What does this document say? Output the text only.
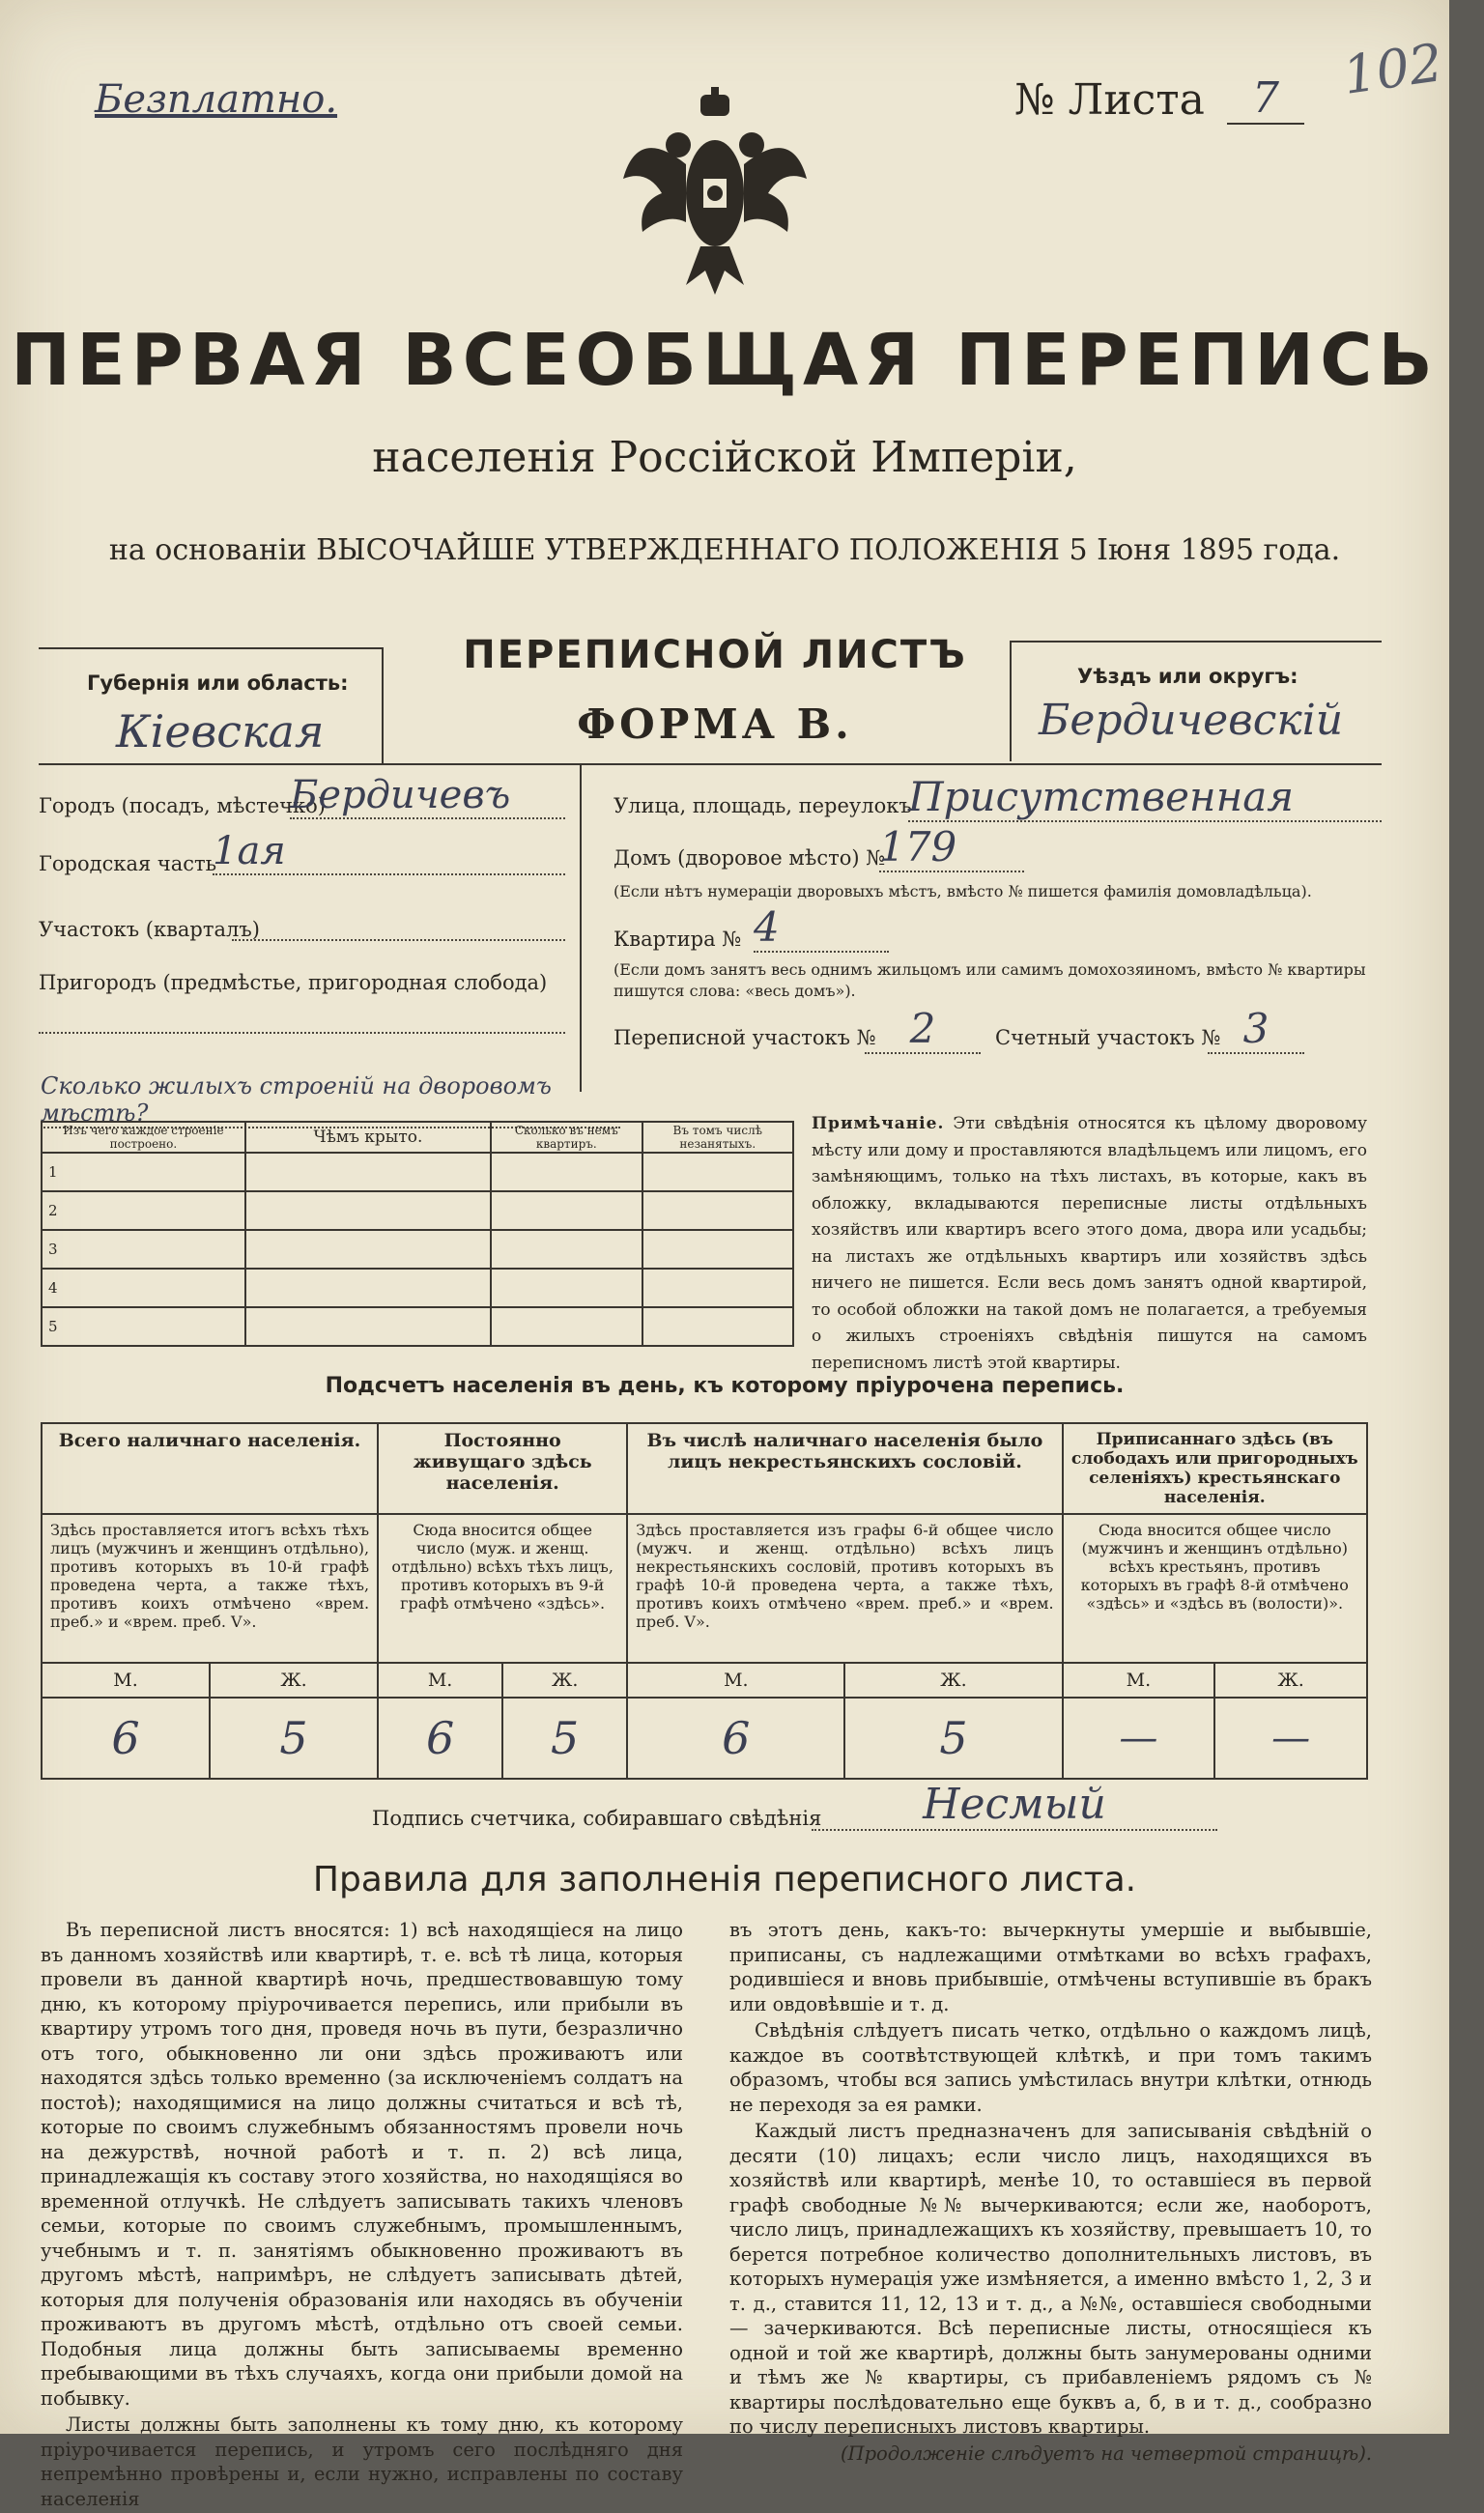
Безплатно.	№ Листа	7	102
ПЕРВАЯ ВСЕОБЩАЯ ПЕРЕПИСЬ
населенія Россійской Имперіи,
на основаніи ВЫСОЧАЙШЕ УТВЕРЖДЕННАГО ПОЛОЖЕНІЯ 5 Іюня 1895 года.
Губернія или область:
Кіевская
ПЕРЕПИСНОЙ ЛИСТЪ
ФОРМА В.
Уѣздъ или округъ:
Бердичевскій
Городъ (посадъ, мѣстечко)
Бердичевъ
Городская часть
1ая
Участокъ (кварталъ)
Пригородъ (предмѣстье, пригородная слобода)
Улица, площадь, переулокъ
Присутственная
Домъ (дворовое мѣсто) №
179
(Если нѣтъ нумераціи дворовыхъ мѣстъ, вмѣсто № пишется фамилія домовладѣльца).
Квартира № 4
(Если домъ занятъ весь однимъ жильцомъ или самимъ домохозяиномъ, вмѣсто № квартиры пишутся слова: «весь домъ»).
Переписной участокъ № 2	Счетный участокъ № 3
Сколько жилыхъ строеній на дворовомъ мѣстѣ?
Изъ чего каждое строеніе построено.	Чѣмъ крыто.	Сколько въ немъ квартиръ.	Въ томъ числѣ незанятыхъ.
1			
2			
3			
4			
5			
Примѣчаніе. Эти свѣдѣнія относятся къ цѣлому дворовому мѣсту или дому и проставляются владѣльцемъ или лицомъ, его замѣняющимъ, только на тѣхъ листахъ, въ которые, какъ въ обложку, вкладываются переписные листы отдѣльныхъ хозяйствъ или квартиръ всего этого дома, двора или усадьбы; на листахъ же отдѣльныхъ квартиръ или хозяйствъ здѣсь ничего не пишется. Если весь домъ занятъ одной квартирой, то особой обложки на такой домъ не полагается, а требуемыя о жилыхъ строеніяхъ свѣдѣнія пишутся на самомъ переписномъ листѣ этой квартиры.
Подсчетъ населенія въ день, къ которому пріурочена перепись.
Всего наличнаго населенія.		Постоянно живущаго здѣсь населенія.		Въ числѣ наличнаго населенія было лицъ некрестьянскихъ сословій.		Приписаннаго здѣсь (въ слободахъ или пригородныхъ селеніяхъ) крестьянскаго населенія.	
Здѣсь проставляется итогъ всѣхъ тѣхъ лицъ (мужчинъ и женщинъ отдѣльно), противъ которыхъ въ 10-й графѣ проведена черта, а также тѣхъ, противъ коихъ отмѣчено «врем. преб.» и «врем. преб. V».		Сюда вносится общее число (муж. и женщ. отдѣльно) всѣхъ тѣхъ лицъ, противъ которыхъ въ 9-й графѣ отмѣчено «здѣсь».		Здѣсь проставляется изъ графы 6-й общее число (мужч. и женщ. отдѣльно) всѣхъ лицъ некрестьянскихъ сословій, противъ которыхъ въ графѣ 10-й проведена черта, а также тѣхъ, противъ коихъ отмѣчено «врем. преб.» и «врем. преб. V».		Сюда вносится общее число (мужчинъ и женщинъ отдѣльно) всѣхъ крестьянъ, противъ которыхъ въ графѣ 8-й отмѣчено «здѣсь» и «здѣсь въ (волости)».	
М.	Ж.	М.	Ж.	М.	Ж.	М.	Ж.
6	5	6	5	6	5	—	—
Подпись счетчика, собиравшаго свѣдѣнія	Несмый
Правила для заполненія переписного листа.

Въ переписной листъ вносятся: 1) всѣ находящіеся на лицо въ данномъ хозяйствѣ или квартирѣ, т. е. всѣ тѣ лица, которыя провели въ данной квартирѣ ночь, предшествовавшую тому дню, къ которому пріурочивается перепись, или прибыли въ квартиру утромъ того дня, проведя ночь въ пути, безразлично отъ того, обыкновенно ли они здѣсь проживаютъ или находятся здѣсь только временно (за исключеніемъ солдатъ на постоѣ); находящимися на лицо должны считаться и всѣ тѣ, которые по своимъ служебнымъ обязанностямъ провели ночь на дежурствѣ, ночной работѣ и т. п. 2) всѣ лица, принадлежащія къ составу этого хозяйства, но находящіяся во временной отлучкѣ. Не слѣдуетъ записывать такихъ членовъ семьи, которые по своимъ служебнымъ, промышленнымъ, учебнымъ и т. п. занятіямъ обыкновенно проживаютъ въ другомъ мѣстѣ, напримѣръ, не слѣдуетъ записывать дѣтей, которыя для полученія образованія или находясь въ обученіи проживаютъ въ другомъ мѣстѣ, отдѣльно отъ своей семьи. Подобныя лица должны быть записываемы временно пребывающими въ тѣхъ случаяхъ, когда они прибыли домой на побывку.

Листы должны быть заполнены къ тому дню, къ которому пріурочивается перепись, и утромъ сего послѣдняго дня непремѣнно провѣрены и, если нужно, исправлены по составу населенія

въ этотъ день, какъ-то: вычеркнуты умершіе и выбывшіе, приписаны, съ надлежащими отмѣтками во всѣхъ графахъ, родившіеся и вновь прибывшіе, отмѣчены вступившіе въ бракъ или овдовѣвшіе и т. д.

Свѣдѣнія слѣдуетъ писать четко, отдѣльно о каждомъ лицѣ, каждое въ соотвѣтствующей клѣткѣ, и при томъ такимъ образомъ, чтобы вся запись умѣстилась внутри клѣтки, отнюдь не переходя за ея рамки.

Каждый листъ предназначенъ для записыванія свѣдѣній о десяти (10) лицахъ; если число лицъ, находящихся въ хозяйствѣ или квартирѣ, менѣе 10, то оставшіеся въ первой графѣ свободные №№ вычеркиваются; если же, наоборотъ, число лицъ, принадлежащихъ къ хозяйству, превышаетъ 10, то берется потребное количество дополнительныхъ листовъ, въ которыхъ нумерація уже измѣняется, а именно вмѣсто 1, 2, 3 и т. д., ставится 11, 12, 13 и т. д., а №№, оставшіеся свободными — зачеркиваются. Всѣ переписные листы, относящіеся къ одной и той же квартирѣ, должны быть занумерованы одними и тѣмъ же № квартиры, съ прибавленіемъ рядомъ съ № квартиры послѣдовательно еще буквъ а, б, в и т. д., сообразно по числу переписныхъ листовъ квартиры.

(Продолженіе слѣдуетъ на четвертой страницѣ).
